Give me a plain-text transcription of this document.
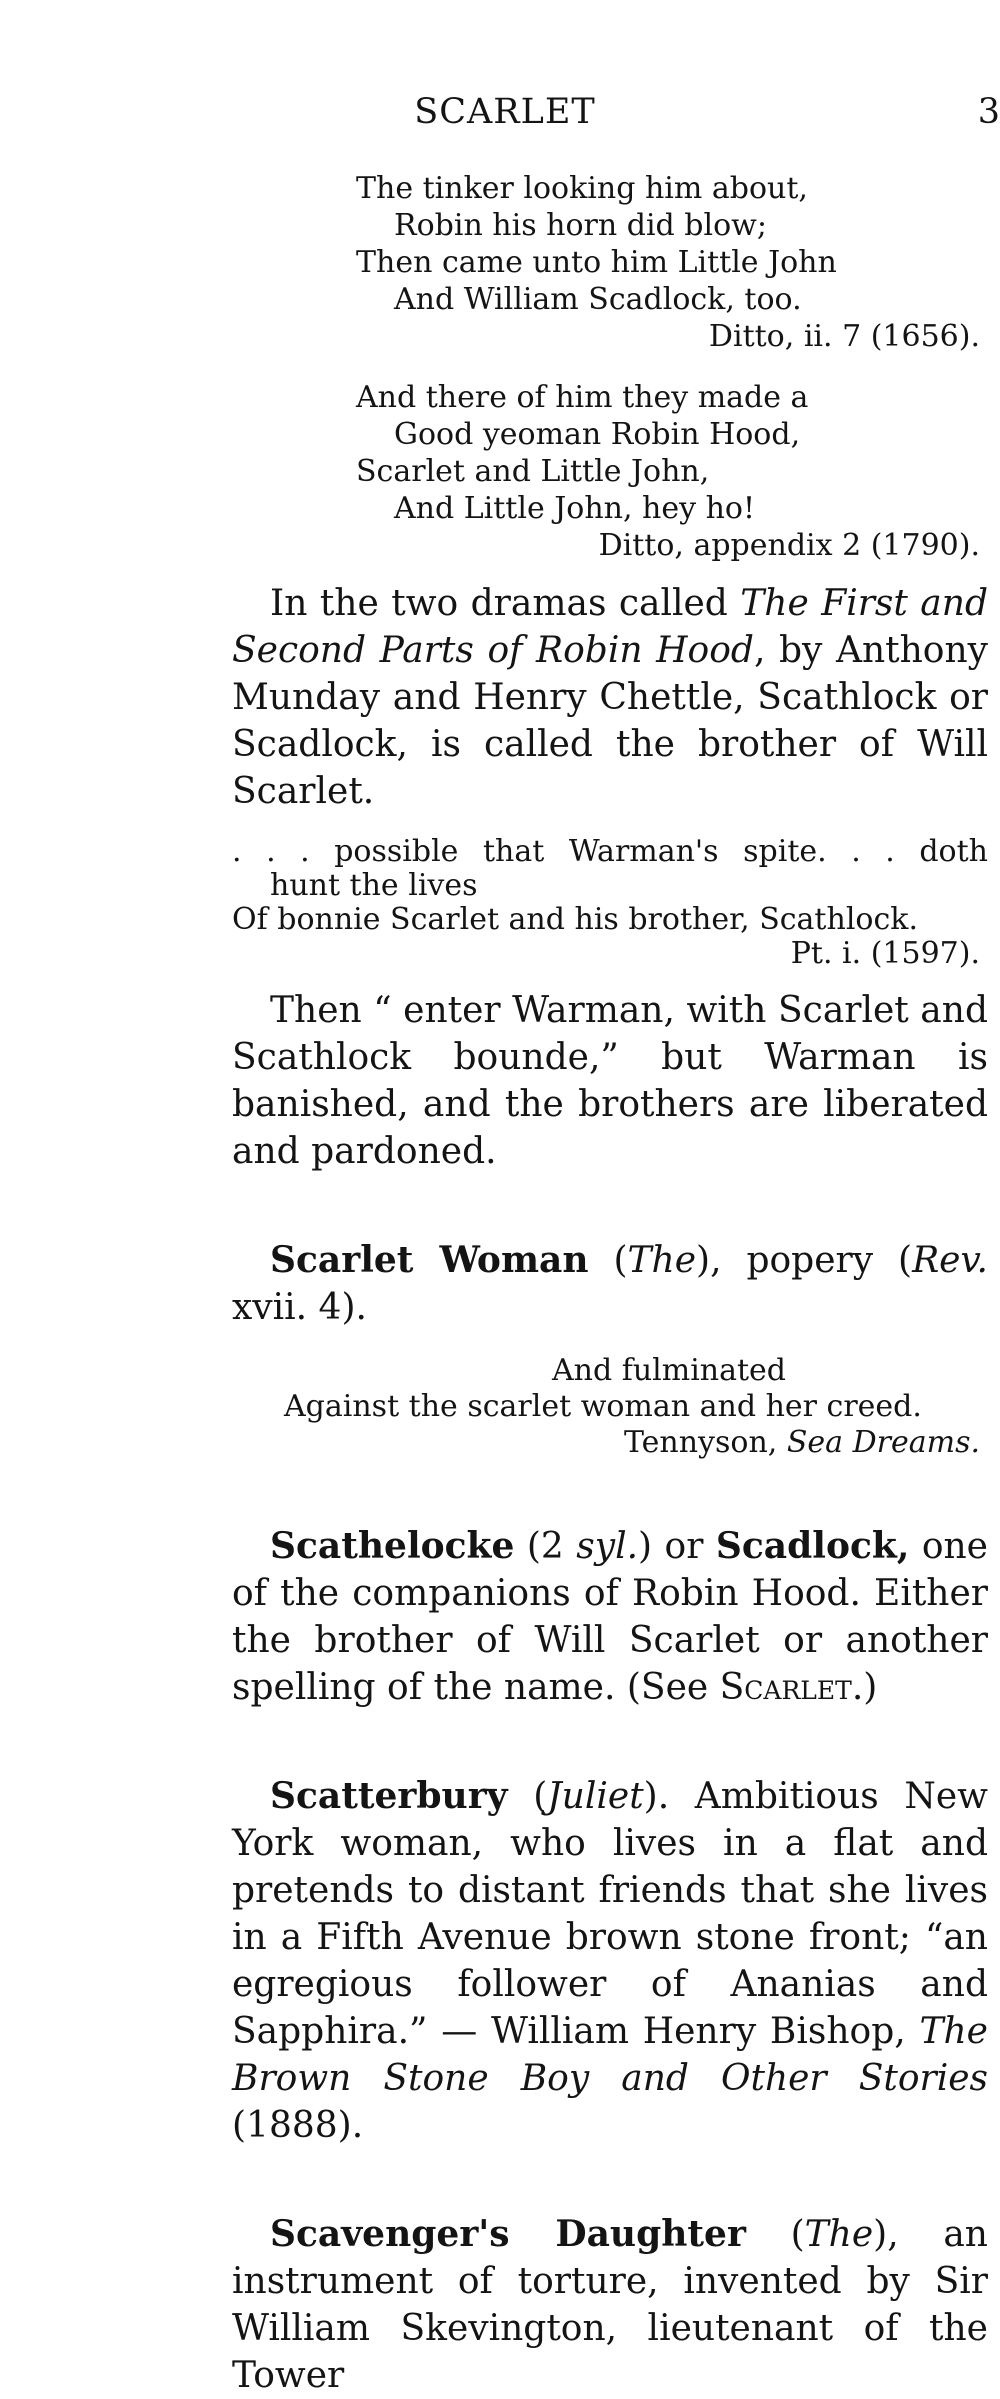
SCARLET	3
The tinker looking him about,
Robin his horn did blow;
Then came unto him Little John
And William Scadlock, too.
Ditto, ii. 7 (1656).
And there of him they made a
Good yeoman Robin Hood,
Scarlet and Little John,
And Little John, hey ho!
Ditto, appendix 2 (1790).

In the two dramas called The First and Second Parts of Robin Hood, by Anthony Munday and Henry Chettle, Scathlock or Scadlock, is called the brother of Will Scarlet.

. . . possible that Warman's spite. . . doth
hunt the lives
Of bonnie Scarlet and his brother, Scathlock.
Pt. i. (1597).

Then “ enter Warman, with Scarlet and Scathlock bounde,” but Warman is banished, and the brothers are liberated and pardoned.

Scarlet Woman (The), popery (Rev. xvii. 4).

And fulminated
Against the scarlet woman and her creed.
Tennyson, Sea Dreams.

Scathelocke (2 syl.) or Scadlock, one of the companions of Robin Hood. Either the brother of Will Scarlet or another spelling of the name. (See Scarlet.)

Scatterbury (Juliet). Ambitious New York woman, who lives in a flat and pretends to distant friends that she lives in a Fifth Avenue brown stone front; “an egregious follower of Ananias and Sapphira.” — William Henry Bishop, The Brown Stone Boy and Other Stories (1888).

Scavenger's Daughter (The), an instrument of torture, invented by Sir William Skevington, lieutenant of the Tower
